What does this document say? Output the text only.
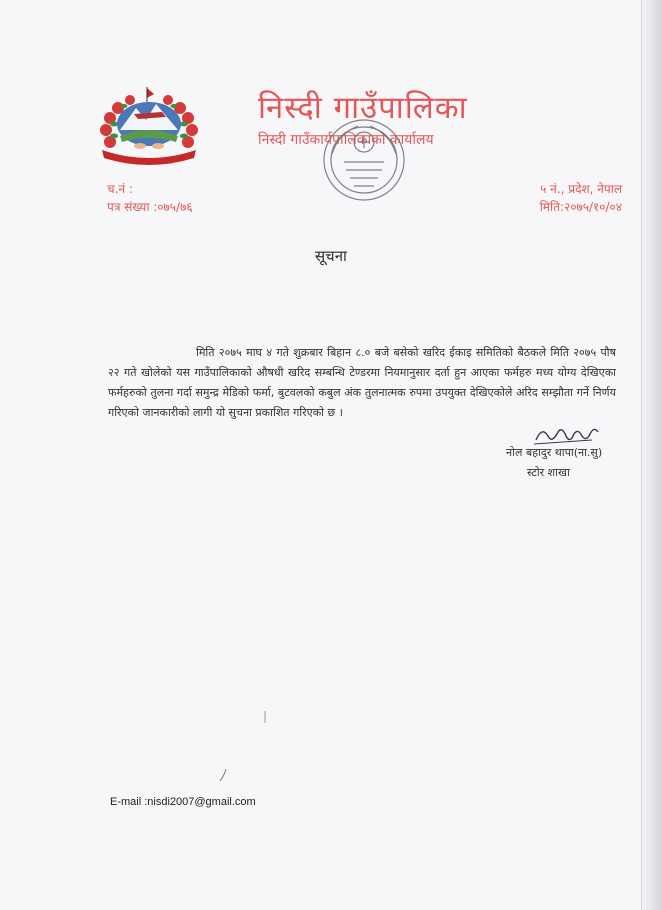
निस्दी गाउँपालिका
निस्दी गाउँकार्यपालिकाको कार्यालय
च.नं :
पत्र संख्या :०७५/७६
५ नं., प्रदेश, नेपाल
मिति:२०७५/१०/०४
सूचना

मिति २०७५ माघ ४ गते शुक्रबार बिहान ८.० बजे बसेको खरिद ईकाइ समितिको बैठकले मिति २०७५ पौष २२ गते खोलेको यस गाउँपालिकाको औषधी खरिद सम्बन्धि टेण्डरमा नियमानुसार दर्ता हुन आएका फर्महरु मध्य योग्य देखिएका फर्महरुको तुलना गर्दा समुन्द्र मेडिको फर्मा, बुटवलको कबुल अंक तुलनात्मक रुपमा उपयुक्त देखिएकोले अरिद सम्झौता गर्ने निर्णय गरिएको जानकारीको लागी यो सुचना प्रकाशित गरिएको छ ।

नोल बहादुर थापा(ना.सु)
स्टोर शाखा
E-mail :nisdi2007@gmail.com
